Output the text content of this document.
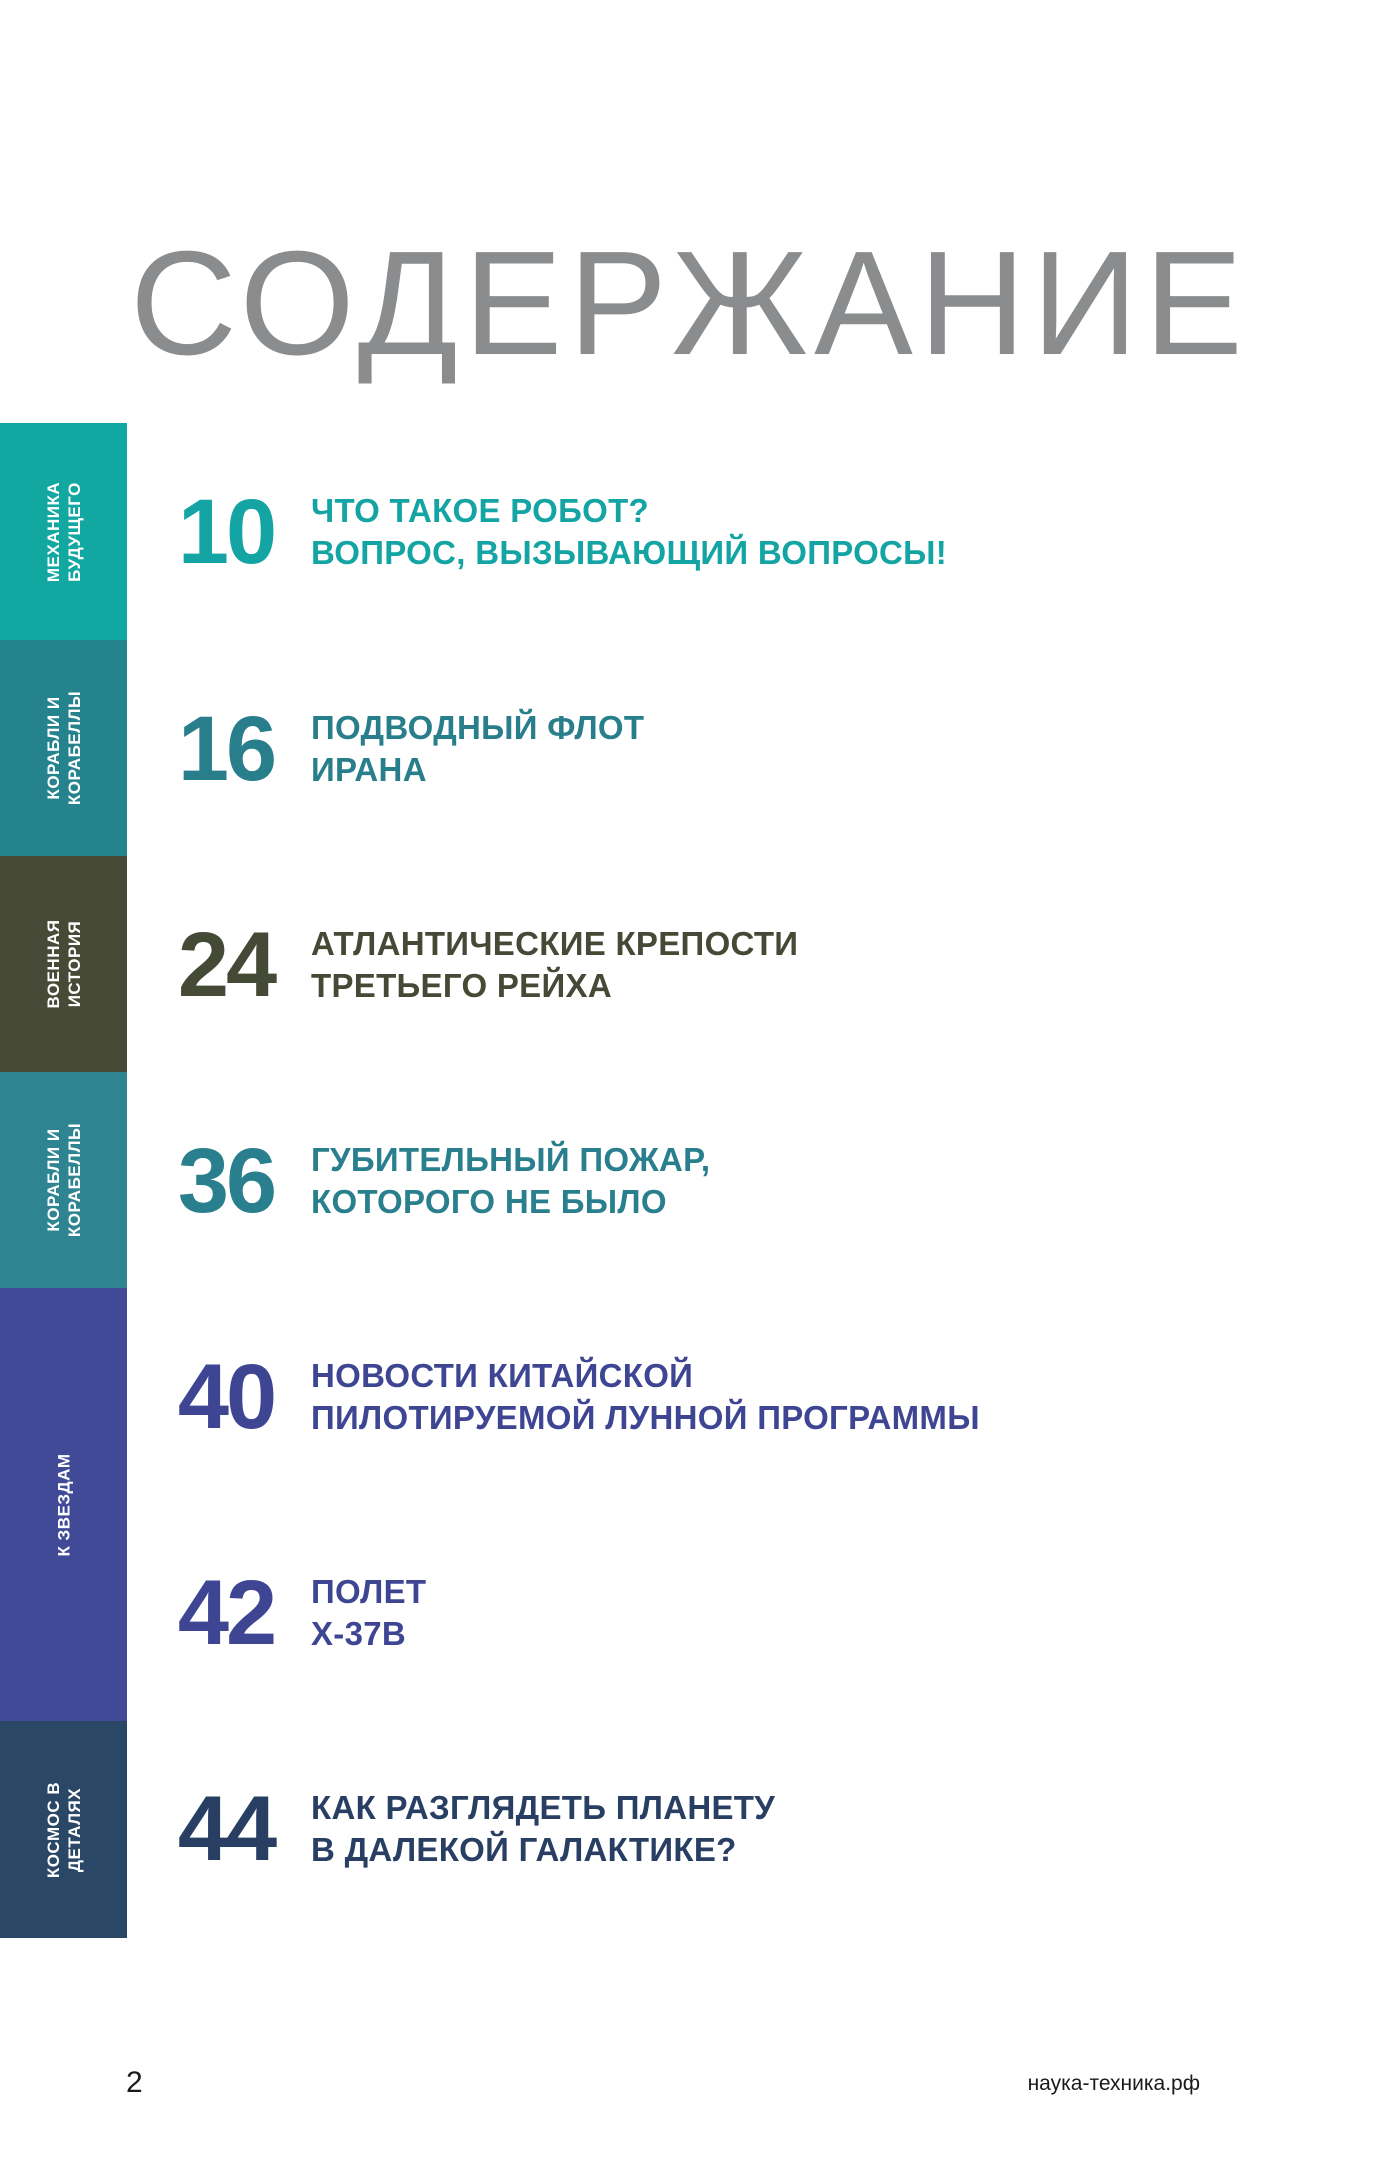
СОДЕРЖАНИЕ
МЕХАНИКА
БУДУЩЕГО
КОРАБЛИ И
КОРАБЕЛЛЫ
ВОЕННАЯ
ИСТОРИЯ
КОРАБЛИ И
КОРАБЕЛЛЫ
К ЗВЕЗДАМ
КОСМОС В
ДЕТАЛЯХ
10	ЧТО ТАКОЕ РОБОТ?
ВОПРОС, ВЫЗЫВАЮЩИЙ ВОПРОСЫ!
16	ПОДВОДНЫЙ ФЛОТ
ИРАНА
24	АТЛАНТИЧЕСКИЕ КРЕПОСТИ
ТРЕТЬЕГО РЕЙХА
36	ГУБИТЕЛЬНЫЙ ПОЖАР,
КОТОРОГО НЕ БЫЛО
40	НОВОСТИ КИТАЙСКОЙ
ПИЛОТИРУЕМОЙ ЛУННОЙ ПРОГРАММЫ
42	ПОЛЕТ
X-37B
44	КАК РАЗГЛЯДЕТЬ ПЛАНЕТУ
В ДАЛЕКОЙ ГАЛАКТИКЕ?
2	наука-техника.рф
